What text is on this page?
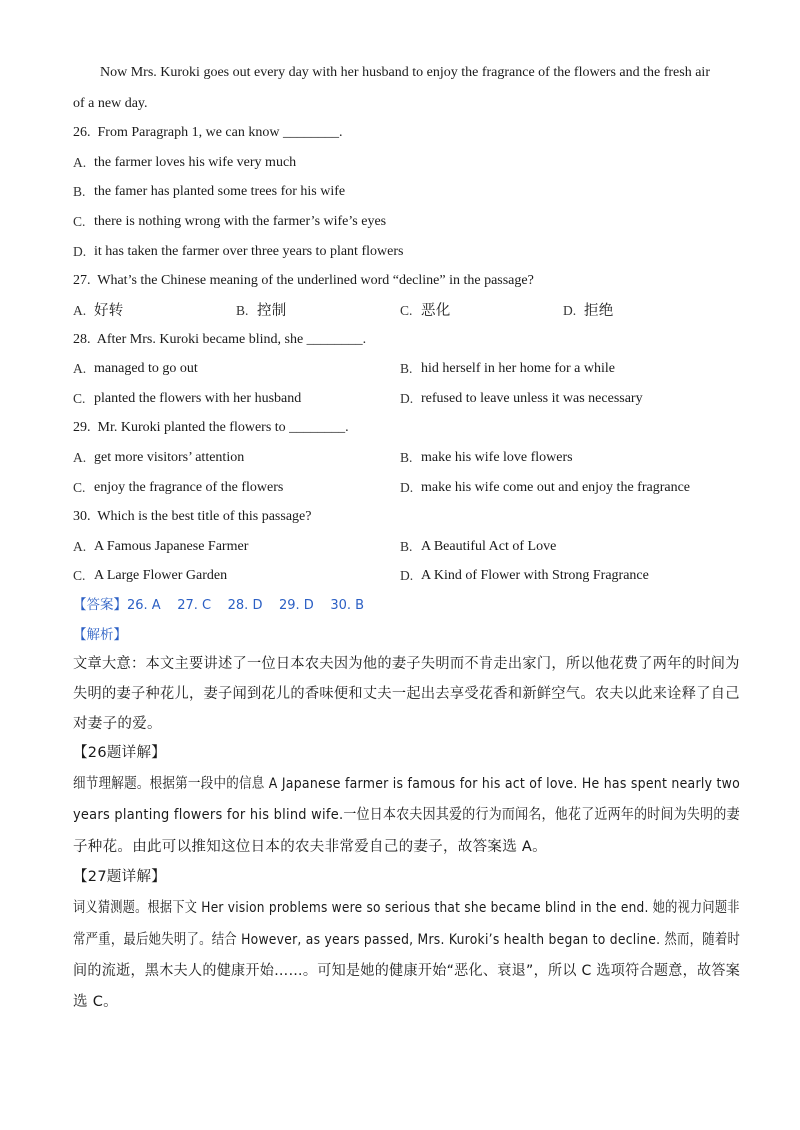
Now Mrs. Kuroki goes out every day with her husband to enjoy the fragrance of the flowers and the fresh air
of a new day.
26. From Paragraph 1, we can know ________.
A. the farmer loves his wife very much
B. the famer has planted some trees for his wife
C. there is nothing wrong with the farmer’s wife’s eyes
D. it has taken the farmer over three years to plant flowers
27. What’s the Chinese meaning of the underlined word “decline” in the passage?
A. 好转	B. 控制	C. 恶化	D. 拒绝
28. After Mrs. Kuroki became blind, she ________.
A. managed to go out	B. hid herself in her home for a while
C. planted the flowers with her husband	D. refused to leave unless it was necessary
29. Mr. Kuroki planted the flowers to ________.
A. get more visitors’ attention	B. make his wife love flowers
C. enjoy the fragrance of the flowers	D. make his wife come out and enjoy the fragrance
30. Which is the best title of this passage?
A. A Famous Japanese Farmer	B. A Beautiful Act of Love
C. A Large Flower Garden	D. A Kind of Flower with Strong Fragrance
【答案】26. A    27. C    28. D    29. D    30. B
【解析】
文章大意：本文主要讲述了一位日本农夫因为他的妻子失明而不肯走出家门，所以他花费了两年的时间为
失明的妻子种花儿，妻子闻到花儿的香味便和丈夫一起出去享受花香和新鲜空气。农夫以此来诠释了自己
对妻子的爱。
【26题详解】
细节理解题。根据第一段中的信息 A Japanese farmer is famous for his act of love. He has spent nearly two
years planting flowers for his blind wife.一位日本农夫因其爱的行为而闻名，他花了近两年的时间为失明的妻
子种花。由此可以推知这位日本的农夫非常爱自己的妻子，故答案选 A。
【27题详解】
词义猜测题。根据下文 Her vision problems were so serious that she became blind in the end. 她的视力问题非
常严重，最后她失明了。结合 However, as years passed, Mrs. Kuroki’s health began to decline. 然而，随着时
间的流逝，黑木夫人的健康开始……。可知是她的健康开始“恶化、衰退”，所以 C 选项符合题意，故答案
选 C。
